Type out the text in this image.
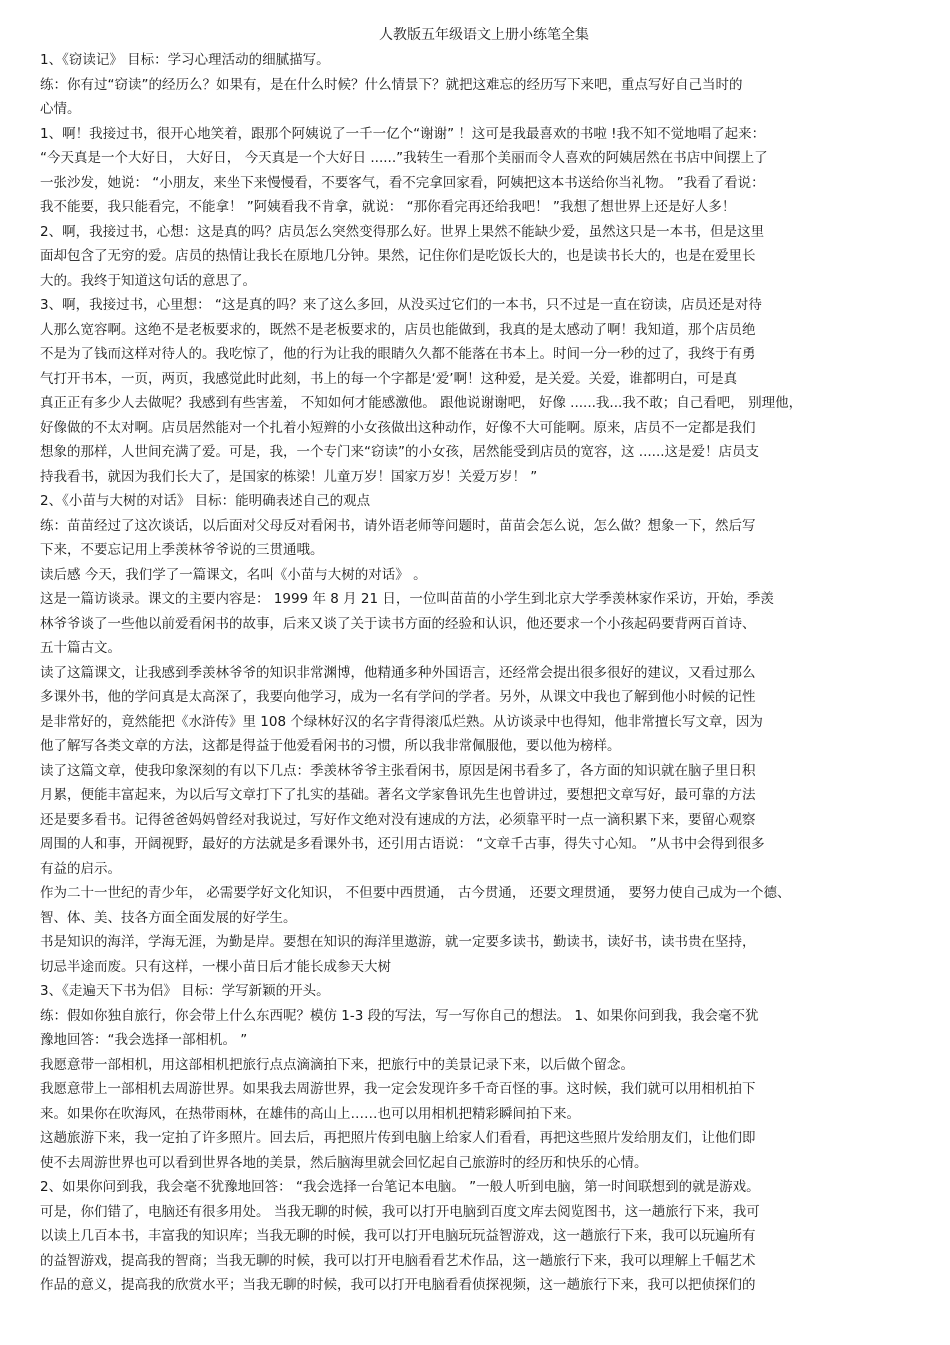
人教版五年级语文上册小练笔全集
1、《窃读记》 目标：学习心理活动的细腻描写。
练：你有过“窃读”的经历么？如果有，是在什么时候？什么情景下？就把这难忘的经历写下来吧，重点写好自己当时的
心情。
1、啊！我接过书，很开心地笑着，跟那个阿姨说了一千一亿个“谢谢” ！这可是我最喜欢的书啦 !我不知不觉地唱了起来：
“今天真是一个大好日， 大好日， 今天真是一个大好日 ......”我转生一看那个美丽而令人喜欢的阿姨居然在书店中间摆上了
一张沙发，她说： “小朋友，来坐下来慢慢看，不要客气，看不完拿回家看，阿姨把这本书送给你当礼物。 ”我看了看说：
我不能要，我只能看完，不能拿！ ”阿姨看我不肯拿，就说： “那你看完再还给我吧！ ”我想了想世界上还是好人多！
2、啊，我接过书，心想：这是真的吗？店员怎么突然变得那么好。世界上果然不能缺少爱，虽然这只是一本书，但是这里
面却包含了无穷的爱。店员的热情让我长在原地几分钟。果然，记住你们是吃饭长大的，也是读书长大的，也是在爱里长
大的。我终于知道这句话的意思了。
3、啊，我接过书，心里想： “这是真的吗？来了这么多回，从没买过它们的一本书，只不过是一直在窃读，店员还是对待
人那么宽容啊。这绝不是老板要求的，既然不是老板要求的，店员也能做到，我真的是太感动了啊！我知道，那个店员绝
不是为了钱而这样对待人的。我吃惊了，他的行为让我的眼睛久久都不能落在书本上。时间一分一秒的过了，我终于有勇
气打开书本，一页，两页，我感觉此时此刻，书上的每一个字都是‘爱’啊！这种爱，是关爱。关爱，谁都明白，可是真
真正正有多少人去做呢？我感到有些害羞， 不知如何才能感激他。 跟他说谢谢吧， 好像 ......我...我不敢；自己看吧， 别理他，
好像做的不太对啊。店员居然能对一个扎着小短辫的小女孩做出这种动作，好像不大可能啊。原来，店员不一定都是我们
想象的那样，人世间充满了爱。可是，我，一个专门来“窃读”的小女孩，居然能受到店员的宽容，这 ......这是爱！店员支
持我看书，就因为我们长大了，是国家的栋梁！儿童万岁！国家万岁！关爱万岁！ ”
2、《小苗与大树的对话》 目标：能明确表述自己的观点
练：苗苗经过了这次谈话，以后面对父母反对看闲书，请外语老师等问题时，苗苗会怎么说，怎么做？想象一下，然后写
下来，不要忘记用上季羡林爷爷说的三贯通哦。
读后感 今天，我们学了一篇课文，名叫《小苗与大树的对话》 。
这是一篇访谈录。课文的主要内容是： 1999 年 8 月 21 日，一位叫苗苗的小学生到北京大学季羡林家作采访，开始，季羡
林爷爷谈了一些他以前爱看闲书的故事，后来又谈了关于读书方面的经验和认识，他还要求一个小孩起码要背两百首诗、
五十篇古文。
读了这篇课文，让我感到季羡林爷爷的知识非常渊博，他精通多种外国语言，还经常会提出很多很好的建议，又看过那么
多课外书，他的学问真是太高深了，我要向他学习，成为一名有学问的学者。另外，从课文中我也了解到他小时候的记性
是非常好的，竟然能把《水浒传》里 108 个绿林好汉的名字背得滚瓜烂熟。从访谈录中也得知，他非常擅长写文章，因为
他了解写各类文章的方法，这都是得益于他爱看闲书的习惯，所以我非常佩服他，要以他为榜样。
读了这篇文章，使我印象深刻的有以下几点：季羡林爷爷主张看闲书，原因是闲书看多了，各方面的知识就在脑子里日积
月累，便能丰富起来，为以后写文章打下了扎实的基础。著名文学家鲁讯先生也曾讲过，要想把文章写好，最可靠的方法
还是要多看书。记得爸爸妈妈曾经对我说过，写好作文绝对没有速成的方法，必须靠平时一点一滴积累下来，要留心观察
周围的人和事，开阔视野，最好的方法就是多看课外书，还引用古语说： “文章千古事，得失寸心知。 ”从书中会得到很多
有益的启示。
作为二十一世纪的青少年， 必需要学好文化知识， 不但要中西贯通， 古今贯通， 还要文理贯通， 要努力使自己成为一个德、
智、体、美、技各方面全面发展的好学生。
书是知识的海洋，学海无涯，为勤是岸。要想在知识的海洋里遨游，就一定要多读书，勤读书，读好书，读书贵在坚持，
切忌半途而废。只有这样，一棵小苗日后才能长成参天大树
3、《走遍天下书为侣》 目标：学写新颖的开头。
练：假如你独自旅行，你会带上什么东西呢？模仿 1-3 段的写法，写一写你自己的想法。 1、如果你问到我，我会毫不犹
豫地回答：“我会选择一部相机。 ”
我愿意带一部相机，用这部相机把旅行点点滴滴拍下来，把旅行中的美景记录下来，以后做个留念。
我愿意带上一部相机去周游世界。如果我去周游世界，我一定会发现许多千奇百怪的事。这时候，我们就可以用相机拍下
来。如果你在吹海风，在热带雨林，在雄伟的高山上……也可以用相机把精彩瞬间拍下来。
这趟旅游下来，我一定拍了许多照片。回去后，再把照片传到电脑上给家人们看看，再把这些照片发给朋友们，让他们即
使不去周游世界也可以看到世界各地的美景，然后脑海里就会回忆起自己旅游时的经历和快乐的心情。
2、如果你问到我，我会毫不犹豫地回答： “我会选择一台笔记本电脑。 ”一般人听到电脑，第一时间联想到的就是游戏。
可是，你们错了，电脑还有很多用处。 当我无聊的时候，我可以打开电脑到百度文库去阅览图书，这一趟旅行下来，我可
以读上几百本书，丰富我的知识库；当我无聊的时候，我可以打开电脑玩玩益智游戏，这一趟旅行下来，我可以玩遍所有
的益智游戏，提高我的智商；当我无聊的时候，我可以打开电脑看看艺术作品，这一趟旅行下来，我可以理解上千幅艺术
作品的意义，提高我的欣赏水平；当我无聊的时候，我可以打开电脑看看侦探视频，这一趟旅行下来，我可以把侦探们的
